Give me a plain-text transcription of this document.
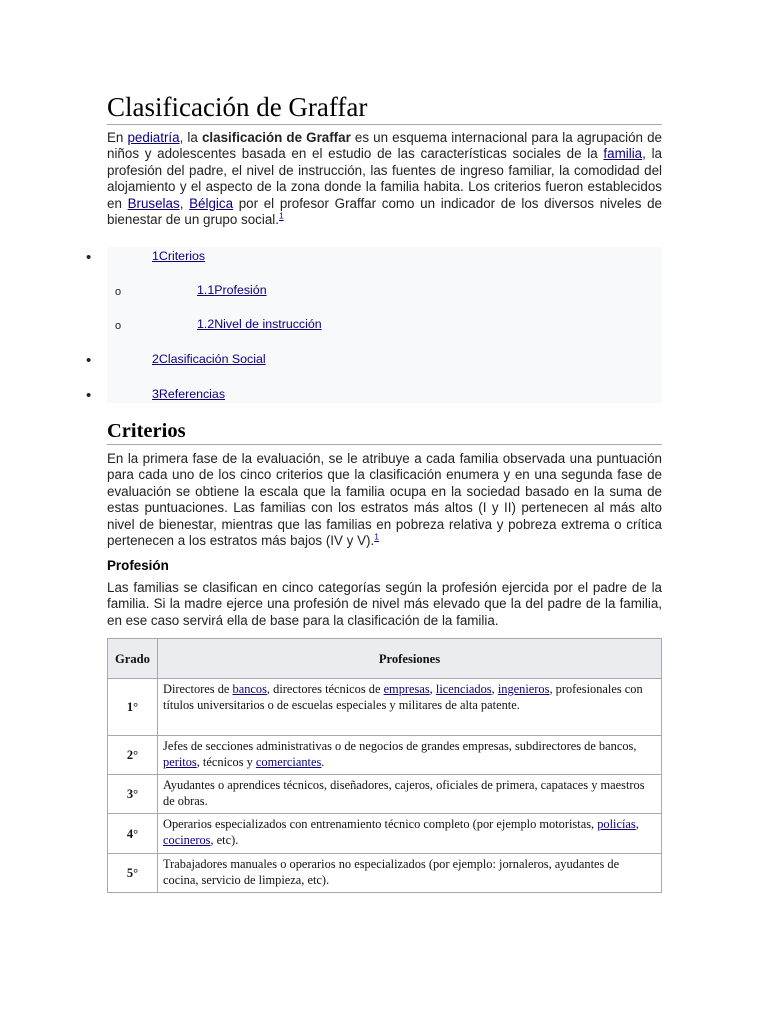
Clasificación de Graffar

En pediatría, la clasificación de Graffar es un esquema internacional para la agrupación de niños y adolescentes basada en el estudio de las características sociales de la familia, la profesión del padre, el nivel de instrucción, las fuentes de ingreso familiar, la comodidad del alojamiento y el aspecto de la zona donde la familia habita. Los criterios fueron establecidos en Bruselas, Bélgica por el profesor Graffar como un indicador de los diversos niveles de bienestar de un grupo social.$^1$

•	1Criterios
o	1.1Profesión
o	1.2Nivel de instrucción
•	2Clasificación Social
•	3Referencias
Criterios

En la primera fase de la evaluación, se le atribuye a cada familia observada una puntuación para cada uno de los cinco criterios que la clasificación enumera y en una segunda fase de evaluación se obtiene la escala que la familia ocupa en la sociedad basado en la suma de estas puntuaciones. Las familias con los estratos más altos (I y II) pertenecen al más alto nivel de bienestar, mientras que las familias en pobreza relativa y pobreza extrema o crítica pertenecen a los estratos más bajos (IV y V).$^1$

Profesión

Las familias se clasifican en cinco categorías según la profesión ejercida por el padre de la familia. Si la madre ejerce una profesión de nivel más elevado que la del padre de la familia, en ese caso servirá ella de base para la clasificación de la familia.

Grado	Profesiones
1°	Directores de bancos, directores técnicos de empresas, licenciados, ingenieros, profesionales con títulos universitarios o de escuelas especiales y militares de alta patente.
2°	Jefes de secciones administrativas o de negocios de grandes empresas, subdirectores de bancos, peritos, técnicos y comerciantes.
3°	Ayudantes o aprendices técnicos, diseñadores, cajeros, oficiales de primera, capataces y maestros de obras.
4°	Operarios especializados con entrenamiento técnico completo (por ejemplo motoristas, policías, cocineros, etc).
5°	Trabajadores manuales o operarios no especializados (por ejemplo: jornaleros, ayudantes de cocina, servicio de limpieza, etc).
